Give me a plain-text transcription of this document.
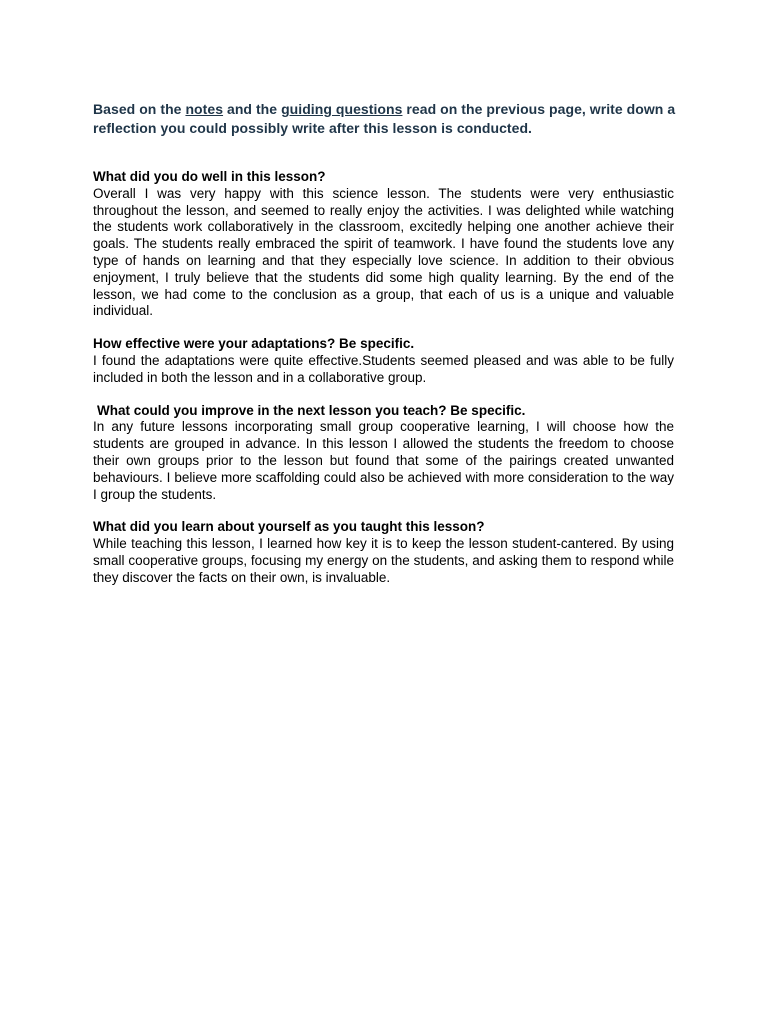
Based on the notes and the guiding questions read on the previous page, write down a reflection you could possibly write after this lesson is conducted.

What did you do well in this lesson?

Overall I was very happy with this science lesson. The students were very enthusiastic throughout the lesson, and seemed to really enjoy the activities. I was delighted while watching the students work collaboratively in the classroom, excitedly helping one another achieve their goals. The students really embraced the spirit of teamwork. I have found the students love any type of hands on learning and that they especially love science. In addition to their obvious enjoyment, I truly believe that the students did some high quality learning. By the end of the lesson, we had come to the conclusion as a group, that each of us is a unique and valuable individual.

How effective were your adaptations? Be specific.

I found the adaptations were quite effective.Students seemed pleased and was able to be fully included in both the lesson and in a collaborative group.

What could you improve in the next lesson you teach? Be specific.

In any future lessons incorporating small group cooperative learning, I will choose how the students are grouped in advance. In this lesson I allowed the students the freedom to choose their own groups prior to the lesson but found that some of the pairings created unwanted behaviours. I believe more scaffolding could also be achieved with more consideration to the way I group the students.

What did you learn about yourself as you taught this lesson?

While teaching this lesson, I learned how key it is to keep the lesson student-cantered. By using small cooperative groups, focusing my energy on the students, and asking them to respond while they discover the facts on their own, is invaluable.
